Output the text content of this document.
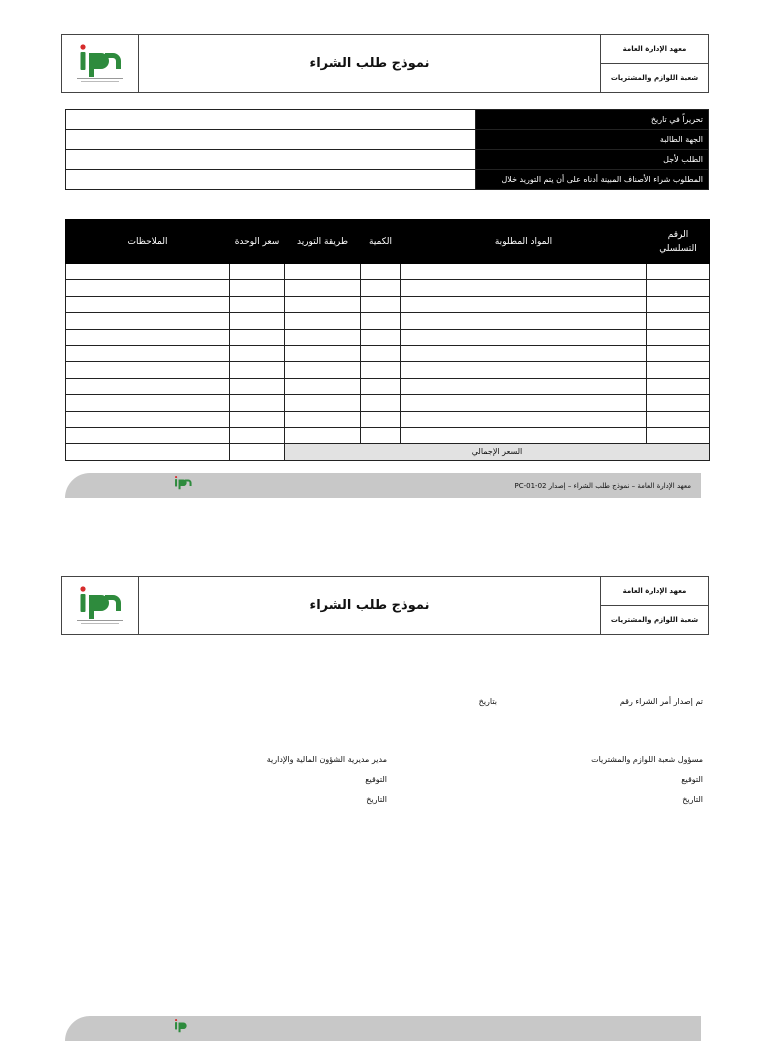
نموذج طلب الشراء
معهد الإدارة العامة
شعبة اللوازم والمشتريات
تحريراً في تاريخ	
الجهة الطالبة	
الطلب لأجل	
المطلوب شراء الأصناف المبينة أدناه على أن يتم التوريد خلال	
الرقم التسلسلي	المواد المطلوبة	الكمية	طريقة التوريد	سعر الوحدة	الملاحظات

السعر الإجمالي					
معهد الإدارة العامة – نموذج طلب الشراء – إصدار 02-01-PC
نموذج طلب الشراء
معهد الإدارة العامة
شعبة اللوازم والمشتريات
تم إصدار أمر الشراء رقم
بتاريخ
مسؤول شعبة اللوازم والمشتريات
التوقيع
التاريخ
مدير مديرية الشؤون المالية والإدارية
التوقيع
التاريخ
